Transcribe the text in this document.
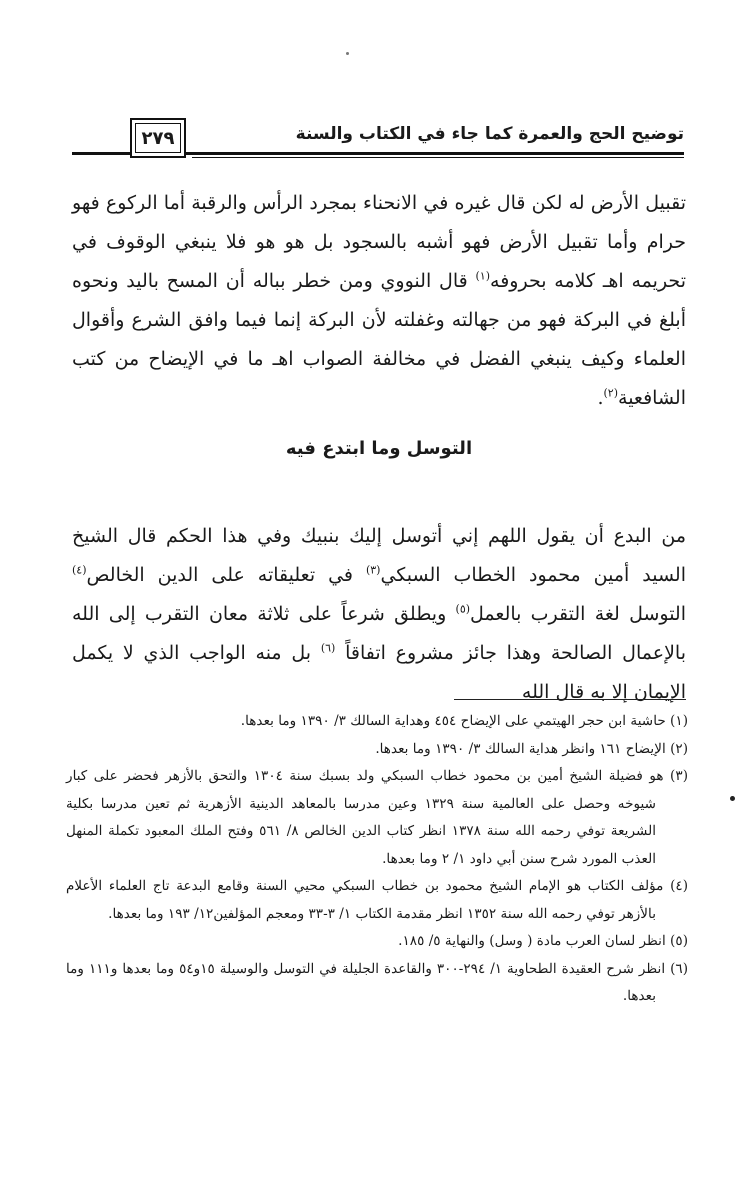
توضيح الحج والعمرة كما جاء في الكتاب والسنة
٢٧٩
تقبيل الأرض له لكن قال غيره في الانحناء بمجرد الرأس والرقبة أما الركوع فهو حرام وأما تقبيل الأرض فهو أشبه بالسجود بل هو هو فلا ينبغي الوقوف في تحريمه اهـ كلامه بحروفه$^{(١)}$ قال النووي ومن خطر بباله أن المسح باليد ونحوه أبلغ في البركة فهو من جهالته وغفلته لأن البركة إنما فيما وافق الشرع وأقوال العلماء وكيف ينبغي الفضل في مخالفة الصواب اهـ ما في الإيضاح من كتب الشافعية$^{(٢)}$.
التوسل وما ابتدع فيه
من البدع أن يقول اللهم إني أتوسل إليك بنبيك وفي هذا الحكم قال الشيخ السيد أمين محمود الخطاب السبكي$^{(٣)}$ في تعليقاته على الدين الخالص$^{(٤)}$ التوسل لغة التقرب بالعمل$^{(٥)}$ ويطلق شرعاً على ثلاثة معان التقرب إلى الله بالإعمال الصالحة وهذا جائز مشروع اتفاقاً $^{(٦)}$ بل منه الواجب الذي لا يكمل الإيمان إلا به قال الله
(١) حاشية ابن حجر الهيتمي على الإيضاح ٤٥٤ وهداية السالك ٣/ ١٣٩٠ وما بعدها.
(٢) الإيضاح ١٦١ وانظر هداية السالك ٣/ ١٣٩٠ وما بعدها.
(٣) هو فضيلة الشيخ أمين بن محمود خطاب السبكي ولد بسبك سنة ١٣٠٤ والتحق بالأزهر فحضر على كبار شيوخه وحصل على العالمية سنة ١٣٢٩ وعين مدرسا بالمعاهد الدينية الأزهرية ثم تعين مدرسا بكلية الشريعة توفي رحمه الله سنة ١٣٧٨ انظر كتاب الدين الخالص ٨/ ٥٦١ وفتح الملك المعبود تكملة المنهل العذب المورد شرح سنن أبي داود ١/ ٢ وما بعدها.
(٤) مؤلف الكتاب هو الإمام الشيخ محمود بن خطاب السبكي محيي السنة وقامع البدعة تاج العلماء الأعلام بالأزهر توفي رحمه الله سنة ١٣٥٢ انظر مقدمة الكتاب ١/ ٣-٣٣ ومعجم المؤلفين١٢/ ١٩٣ وما بعدها.
(٥) انظر لسان العرب مادة ( وسل) والنهاية ٥/ ١٨٥.
(٦) انظر شرح العقيدة الطحاوية ١/ ٢٩٤-٣٠٠ والقاعدة الجليلة في التوسل والوسيلة ١٥و٥٤ وما بعدها و١١١ وما بعدها.
